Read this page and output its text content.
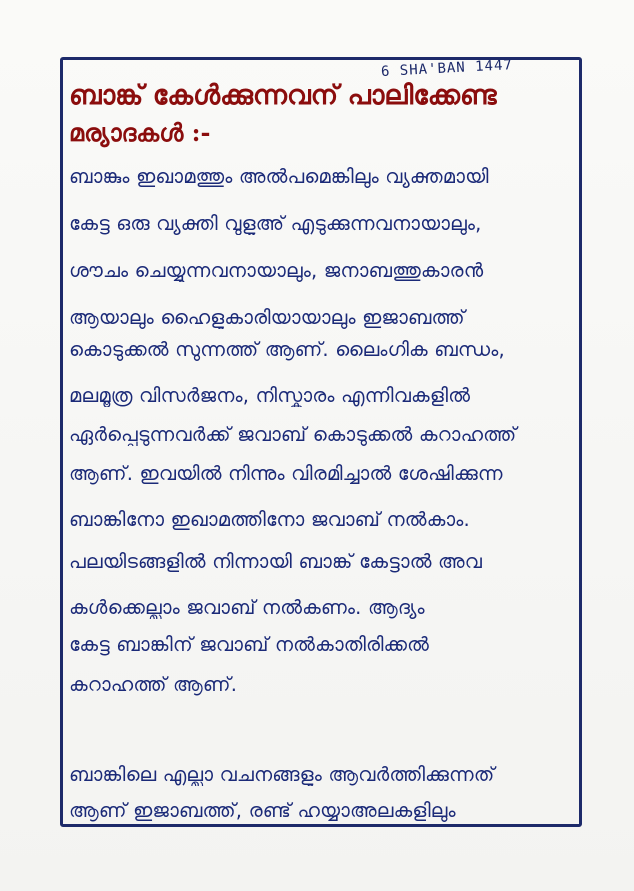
6 SHA'BAN 1447
ബാങ്ക് കേൾക്കുന്നവന് പാലിക്കേണ്ട
മര്യാദകൾ :-
ബാങ്കും ഇഖാമത്തും അൽപമെങ്കിലും വ്യക്തമായി
കേട്ട ഒരു വ്യക്തി വുളൂഅ് എടുക്കുന്നവനായാലും,
ശൗചം ചെയ്യുന്നവനായാലും, ജനാബത്തുകാരൻ
ആയാലും ഹൈളുകാരിയായാലും ഇജാബത്ത്
കൊടുക്കൽ സുന്നത്ത് ആണ്. ലൈംഗിക ബന്ധം,
മലമൂത്ര വിസർജനം, നിസ്കാരം എന്നിവകളിൽ
ഏർപ്പെടുന്നവർക്ക് ജവാബ് കൊടുക്കൽ കറാഹത്ത്
ആണ്. ഇവയിൽ നിന്നും വിരമിച്ചാൽ ശേഷിക്കുന്ന
ബാങ്കിനോ ഇഖാമത്തിനോ ജവാബ് നൽകാം.
പലയിടങ്ങളിൽ നിന്നായി ബാങ്ക് കേട്ടാൽ അവ
കൾക്കെല്ലാം ജവാബ് നൽകണം. ആദ്യം
കേട്ട ബാങ്കിന് ജവാബ് നൽകാതിരിക്കൽ
കറാഹത്ത് ആണ്.
ബാങ്കിലെ എല്ലാ വചനങ്ങളും ആവർത്തിക്കുന്നത്
ആണ് ഇജാബത്ത്, രണ്ട് ഹയ്യാഅലകളിലും
